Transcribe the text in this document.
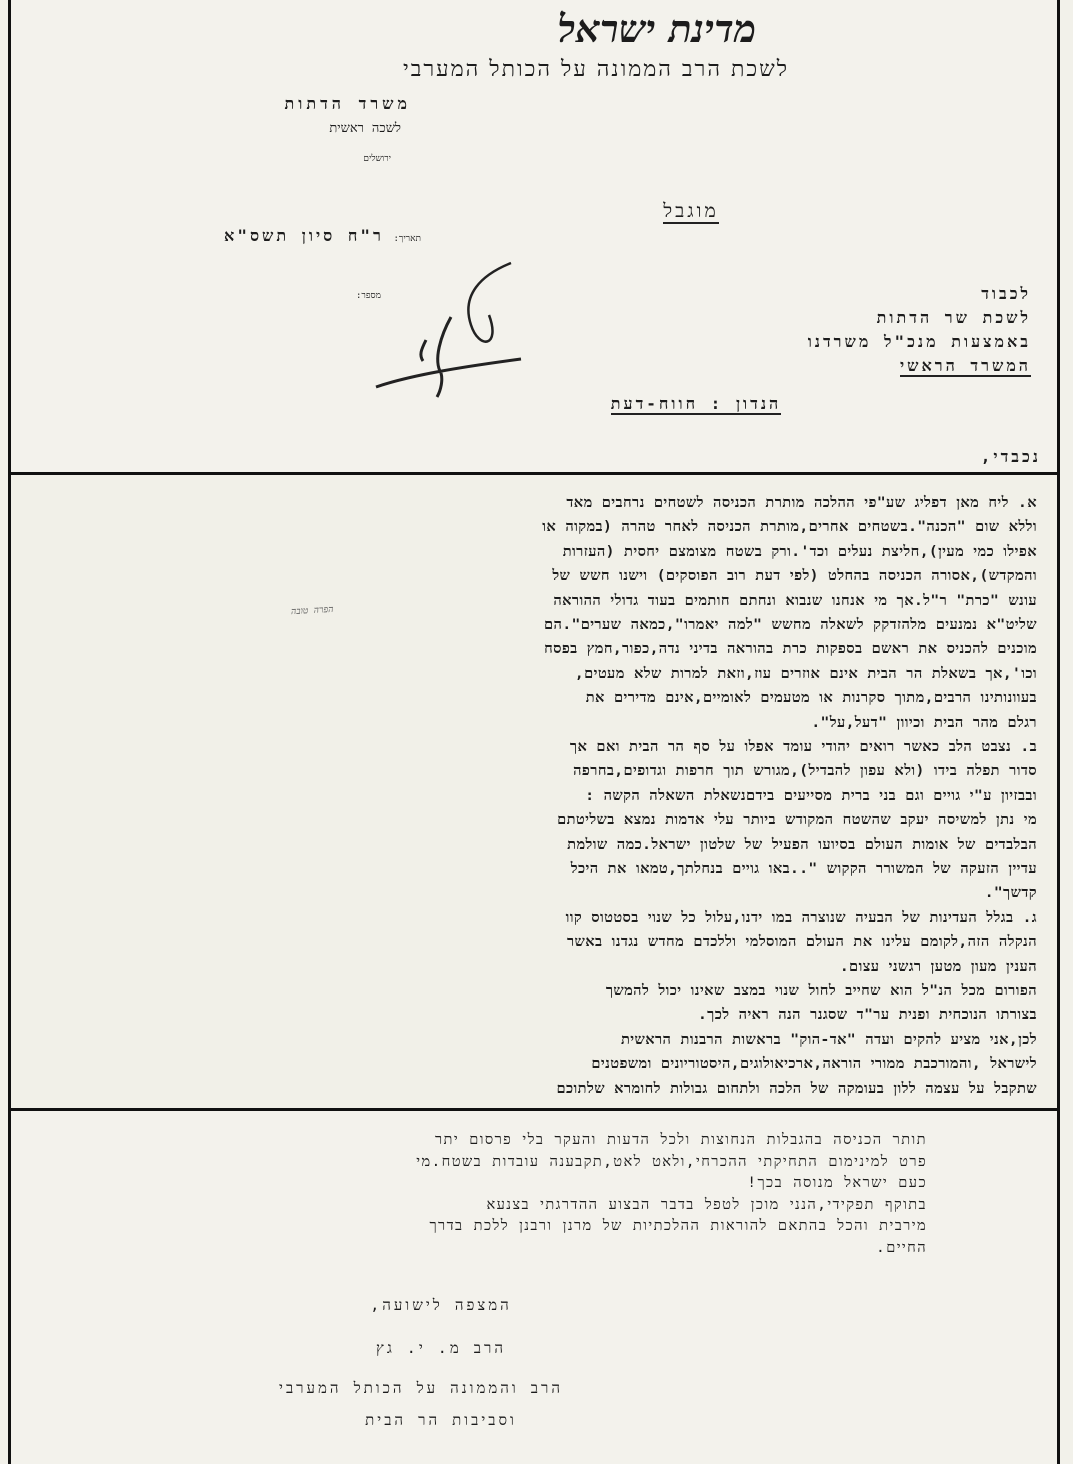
מדינת ישראל
לשכת הרב הממונה על הכותל המערבי
משרד הדתות
לשכה ראשית
ירושלים
מוגבל
תאריך: ר"ח סיון תשס"א
מספר:	לכבוד
לשכת שר הדתות
באמצעות מנכ"ל משרדנו
המשרד הראשי
הנדון : חווח-דעת
נכבדי,
א. ליח מאן דפליג שע"פי ההלכה מותרת הכניסה לשטחים נרחבים מאד
וללא שום "הכנה".בשטחים אחרים,מותרת הכניסה לאחר טהרה (במקוה או
אפילו כמי מעין),חליצת נעלים וכד'.ורק בשטח מצומצם יחסית (העזרות
והמקדש),אסורה הכניסה בהחלט (לפי דעת רוב הפוסקים) וישנו חשש של
עונש "כרת" ר"ל.אך מי אנחנו שנבוא ונחתם חותמים בעוד גדולי ההוראה
שליט"א נמנעים מלהזדקק לשאלה מחשש "למה יאמרו",כמאה שערים".הם
מוכנים להכניס את ראשם בספקות כרת בהוראה בדיני נדה,כפור,חמץ בפסח
וכו',אך בשאלת הר הבית אינם אוזרים עוז,וזאת למרות שלא מעטים,
בעוונותינו הרבים,מתוך סקרנות או מטעמים לאומיים,אינם מדירים את
רגלם מהר הבית וכיוון "דעל,על".
ב. נצבט הלב כאשר רואים יהודי עומד אפלו על סף הר הבית ואם אך
סדור תפלה בידו (ולא עפון להבדיל),מגורש תוך חרפות וגדופים,בחרפה
ובבזיון ע"י גויים וגם בני ברית מסייעים בידםנשאלת השאלה הקשה :
מי נתן למשיסה יעקב שהשטח המקודש ביותר עלי אדמות נמצא בשליטתם
הבלבדים של אומות העולם בסיועו הפעיל של שלטון ישראל.כמה שולמת
עדיין הזעקה של המשורר הקקוש "..באו גויים בנחלתך,טמאו את היכל
קדשך".
ג. בגלל העדינות של הבעיה שנוצרה במו ידנו,עלול כל שנוי בסטטוס קוו
הנקלה הזה,לקומם עלינו את העולם המוסלמי וללכדם מחדש נגדנו באשר
הענין מעון מטען רגשני עצום.
הפורום מכל הנ"ל הוא שחייב לחול שנוי במצב שאינו יכול להמשך
בצורתו הנוכחית ופנית ער"ד שסגנר הנה ראיה לכך.
לכן,אני מציע להקים ועדה "אד-הוק" בראשות הרבנות הראשית
לישראל ,והמורכבת ממורי הוראה,ארכיאולוגים,היסטוריונים ומשפטנים
שתקבל על עצמה ללון בעומקה של הלכה ולתחום גבולות לחומרא שלתוכם
הפרה טובה
תותר הכניסה בהגבלות הנחוצות ולכל הדעות והעקר בלי פרסום יתר
פרט למינימום התחיקתי ההכרחי,ולאט לאט,תקבענה עובדות בשטח.מי
כעם ישראל מנוסה בכך!
בתוקף תפקידי,הנני מוכן לטפל בדבר הבצוע ההדרגתי בצנעא
מירבית והכל בהתאם להוראות ההלכתיות של מרנן ורבנן ללכת בדרך
החיים.
המצפה לישועה,
הרב מ. י. גץ
הרב והממונה על הכותל המערבי
וסביבות הר הבית
